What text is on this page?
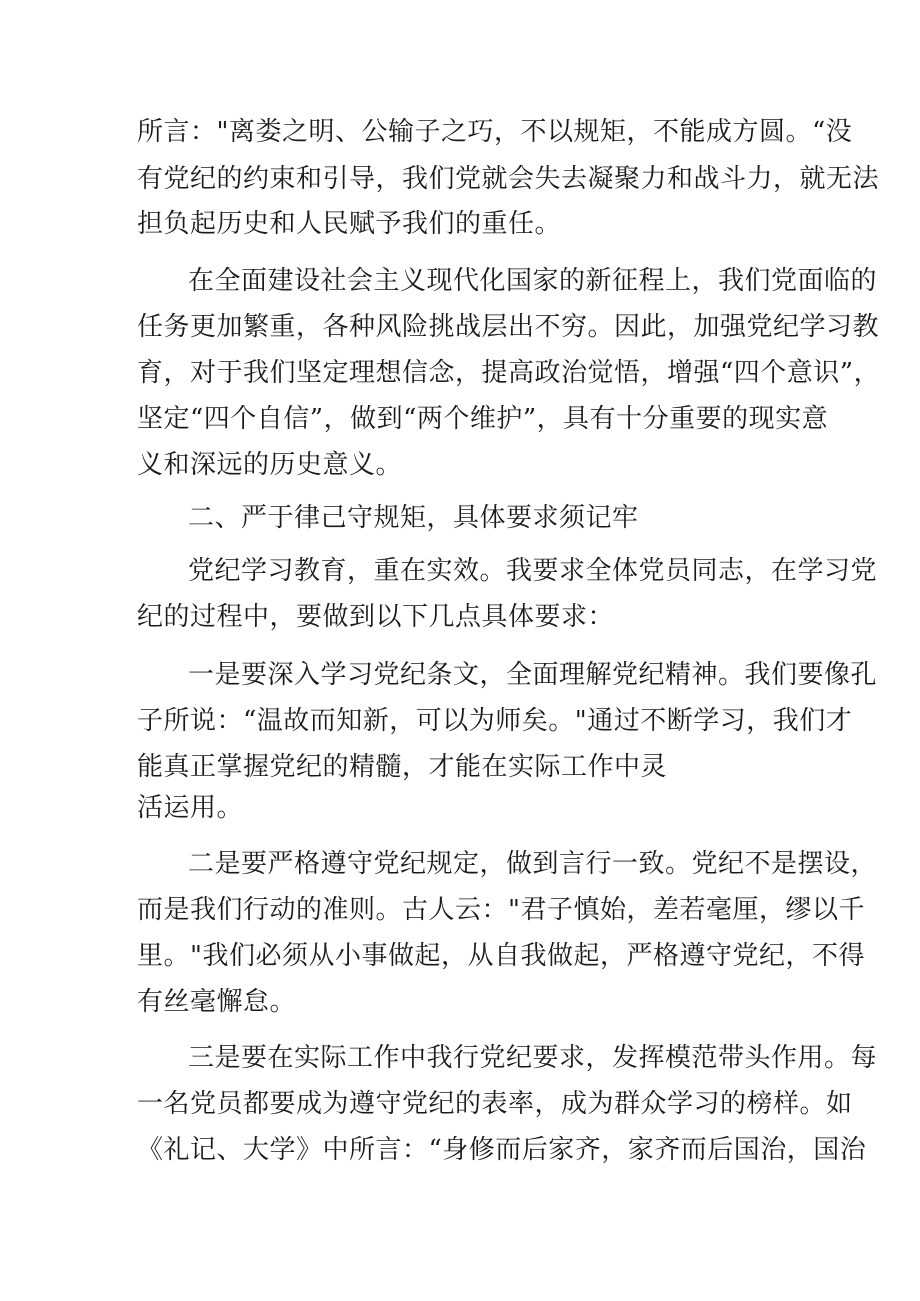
所言："离娄之明、公输子之巧，不以规矩，不能成方圆。“没
有党纪的约束和引导，我们党就会失去凝聚力和战斗力，就无法
担负起历史和人民赋予我们的重任。
在全面建设社会主义现代化国家的新征程上，我们党面临的
任务更加繁重，各种风险挑战层出不穷。因此，加强党纪学习教
育，对于我们坚定理想信念，提高政治觉悟，增强“四个意识”，
坚定“四个自信”，做到“两个维护”，具有十分重要的现实意
义和深远的历史意义。
二、严于律己守规矩，具体要求须记牢
党纪学习教育，重在实效。我要求全体党员同志，在学习党
纪的过程中，要做到以下几点具体要求：
一是要深入学习党纪条文，全面理解党纪精神。我们要像孔
子所说：“温故而知新，可以为师矣。"通过不断学习，我们才
能真正掌握党纪的精髓，才能在实际工作中灵
活运用。
二是要严格遵守党纪规定，做到言行一致。党纪不是摆设，
而是我们行动的准则。古人云："君子慎始，差若毫厘，缪以千
里。"我们必须从小事做起，从自我做起，严格遵守党纪，不得
有丝毫懈怠。
三是要在实际工作中我行党纪要求，发挥模范带头作用。每
一名党员都要成为遵守党纪的表率，成为群众学习的榜样。如
《礼记、大学》中所言：“身修而后家齐，家齐而后国治，国治
